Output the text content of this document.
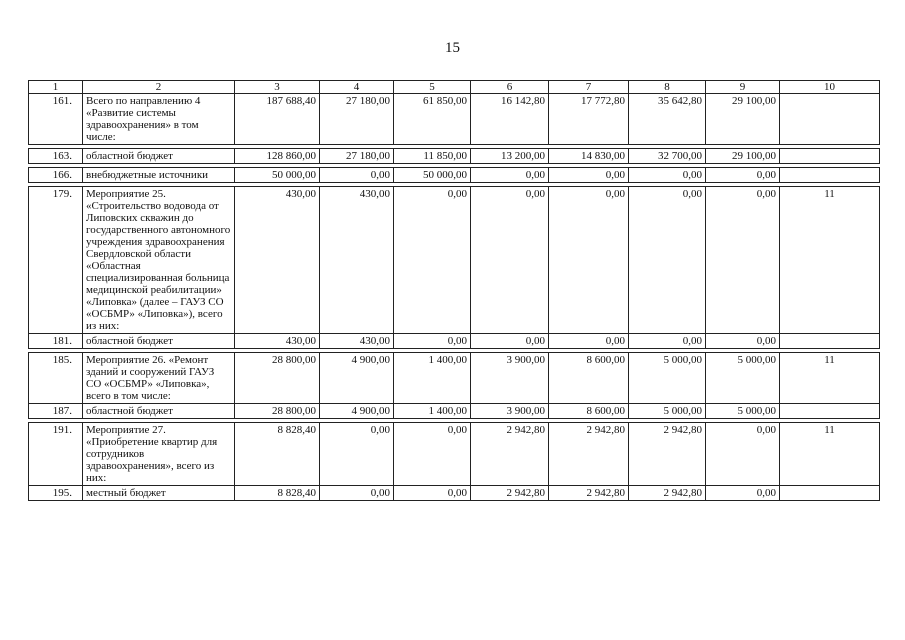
15
1	2	3	4	5	6	7	8	9	10
161.	Всего по направлению 4 «Развитие системы здравоохранения» в том числе:	187 688,40	27 180,00	61 850,00	16 142,80	17 772,80	35 642,80	29 100,00	

163.	областной бюджет	128 860,00	27 180,00	11 850,00	13 200,00	14 830,00	32 700,00	29 100,00	

166.	внебюджетные источники	50 000,00	0,00	50 000,00	0,00	0,00	0,00	0,00	

179.	Мероприятие 25. «Строительство водовода от Липовских скважин до государственного автономного учреждения здравоохранения Свердловской области «Областная специализированная больница медицинской реабилитации» «Липовка» (далее – ГАУЗ СО «ОСБМР» «Липовка»), всего из них:	430,00	430,00	0,00	0,00	0,00	0,00	0,00	11
181.	областной бюджет	430,00	430,00	0,00	0,00	0,00	0,00	0,00	

185.	Мероприятие 26. «Ремонт зданий и сооружений ГАУЗ СО «ОСБМР» «Липовка», всего в том числе:	28 800,00	4 900,00	1 400,00	3 900,00	8 600,00	5 000,00	5 000,00	11
187.	областной бюджет	28 800,00	4 900,00	1 400,00	3 900,00	8 600,00	5 000,00	5 000,00	

191.	Мероприятие 27. «Приобретение квартир для сотрудников здравоохранения», всего из них:	8 828,40	0,00	0,00	2 942,80	2 942,80	2 942,80	0,00	11
195.	местный бюджет	8 828,40	0,00	0,00	2 942,80	2 942,80	2 942,80	0,00	
